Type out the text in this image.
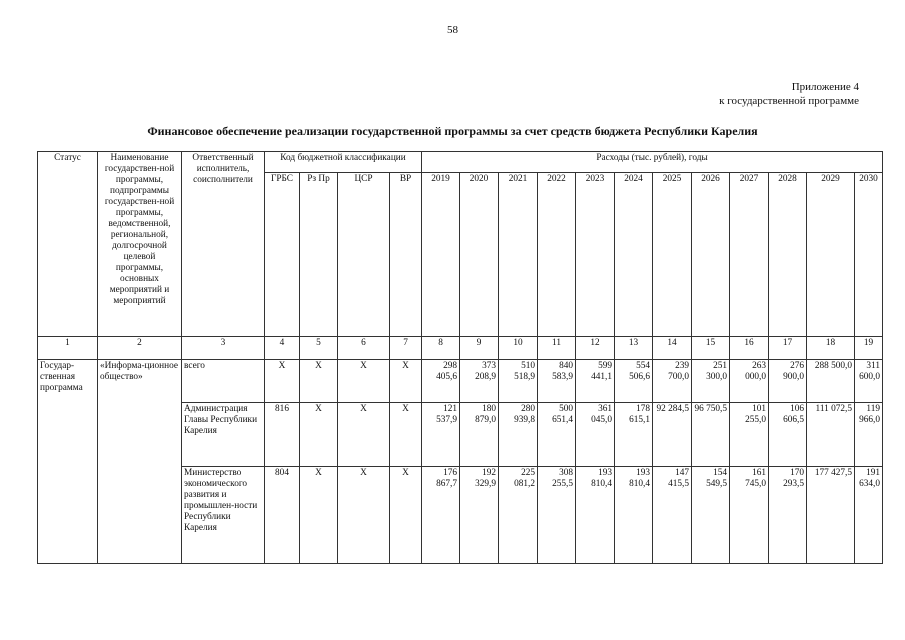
58
Приложение 4
к государственной программе
Финансовое обеспечение реализации государственной программы за счет средств бюджета Республики Карелия
Статус	Наименование государствен-ной программы, подпрограммы государствен-ной программы, ведомственной, региональной, долгосрочной целевой программы, основных мероприятий и мероприятий	Ответственный исполнитель, соисполнители	Код бюджетной классификации				Расходы (тыс. рублей), годы											
			ГРБС	Рз Пр	ЦСР	ВР	2019	2020	2021	2022	2023	2024	2025	2026	2027	2028	2029	2030
1	2	3	4	5	6	7	8	9	10	11	12	13	14	15	16	17	18	19
Государ-ственная программа	«Информа-ционное общество»	всего	X	X	X	X	298 405,6	373 208,9	510 518,9	840 583,9	599 441,1	554 506,6	239 700,0	251 300,0	263 000,0	276 900,0	288 500,0	311 600,0
		Администрация Главы Республики Карелия	816	X	X	X	121 537,9	180 879,0	280 939,8	500 651,4	361 045,0	178 615,1	92 284,5	96 750,5	101 255,0	106 606,5	111 072,5	119 966,0
		Министерство экономического развития и промышлен-ности Республики Карелия	804	X	X	X	176 867,7	192 329,9	225 081,2	308 255,5	193 810,4	193 810,4	147 415,5	154 549,5	161 745,0	170 293,5	177 427,5	191 634,0
